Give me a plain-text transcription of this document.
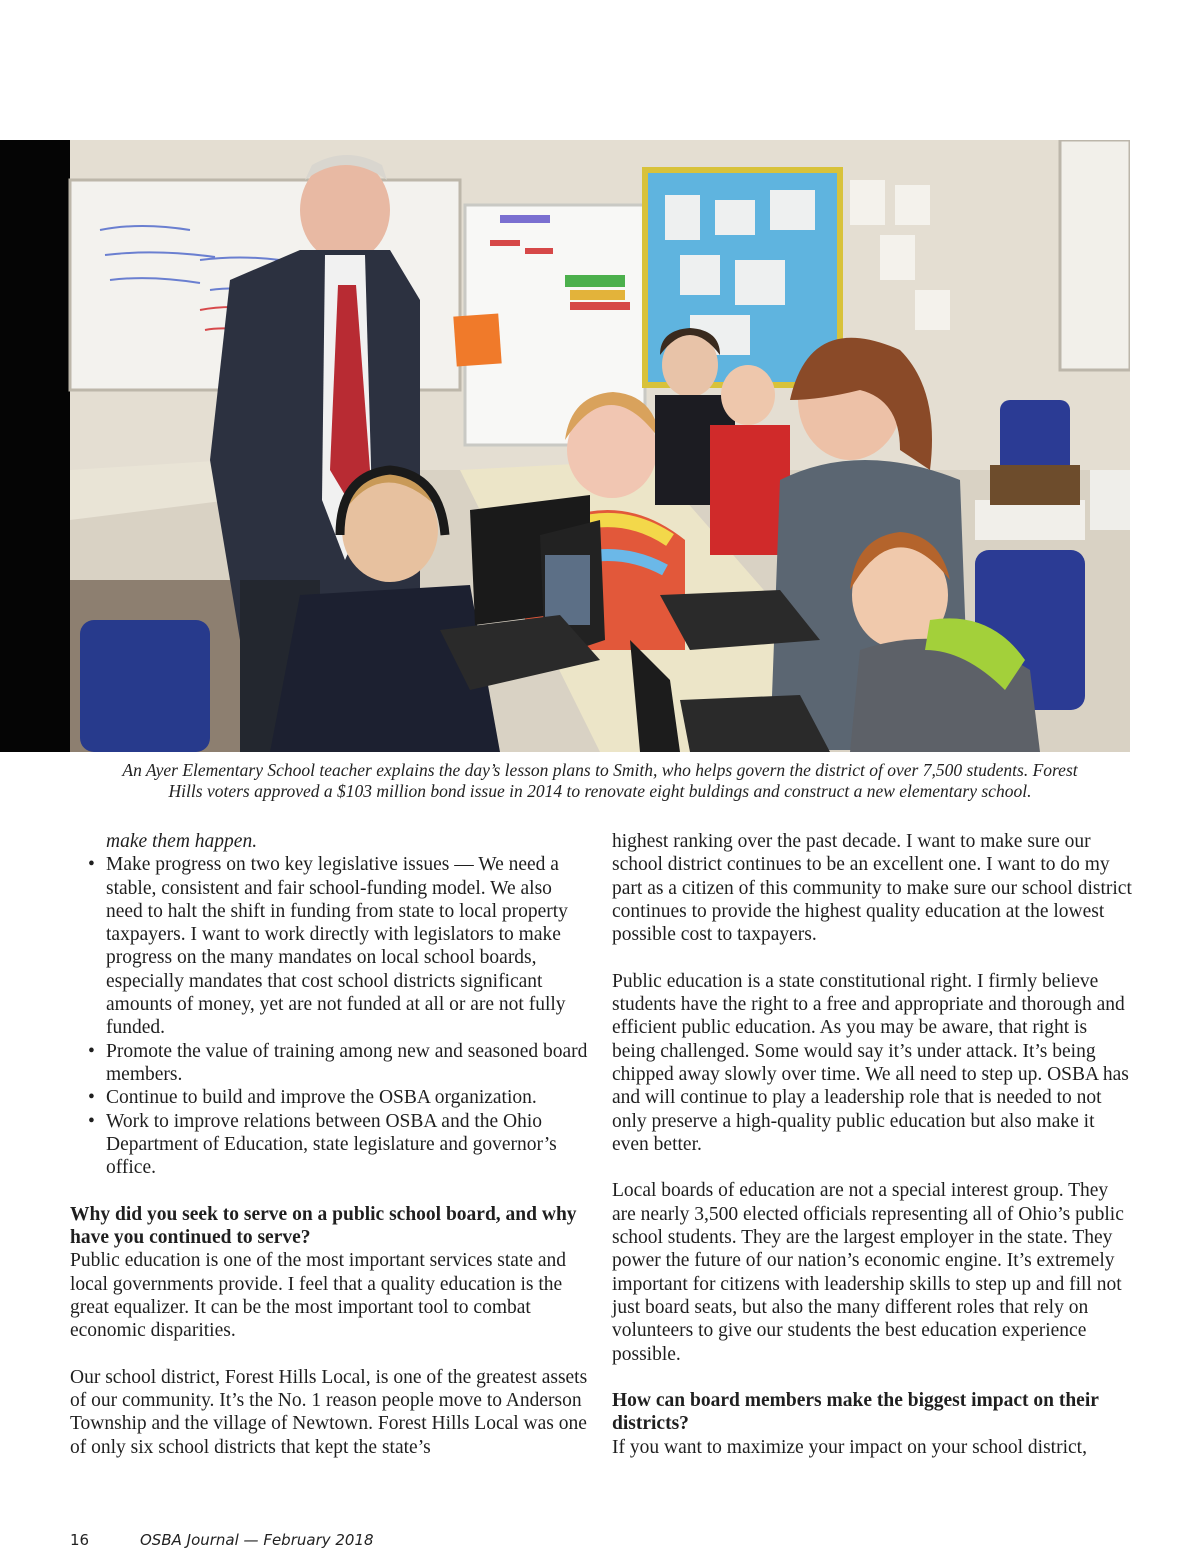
An Ayer Elementary School teacher explains the day’s lesson plans to Smith, who helps govern the district of over 7,500 students. Forest
Hills voters approved a $103 million bond issue in 2014 to renovate eight buldings and construct a new elementary school.

make them happen.

• Make progress on two key legislative issues — We need a stable, consistent and fair school-funding model. We also need to halt the shift in funding from state to local property taxpayers. I want to work directly with legislators to make progress on the many mandates on local school boards, especially mandates that cost school districts significant amounts of money, yet are not funded at all or are not fully funded.
• Promote the value of training among new and seasoned board members.
• Continue to build and improve the OSBA organization.
• Work to improve relations between OSBA and the Ohio Department of Education, state legislature and governor’s office.
Why did you seek to serve on a public school board, and why have you continued to serve?

Public education is one of the most important services state and local governments provide. I feel that a quality education is the great equalizer. It can be the most important tool to combat economic disparities.

Our school district, Forest Hills Local, is one of the greatest assets of our community. It’s the No. 1 reason people move to Anderson Township and the village of Newtown. Forest Hills Local was one of only six school districts that kept the state’s

highest ranking over the past decade. I want to make sure our school district continues to be an excellent one. I want to do my part as a citizen of this community to make sure our school district continues to provide the highest quality education at the lowest possible cost to taxpayers.

Public education is a state constitutional right. I firmly believe students have the right to a free and appropriate and thorough and efficient public education. As you may be aware, that right is being challenged. Some would say it’s under attack. It’s being chipped away slowly over time. We all need to step up. OSBA has and will continue to play a leadership role that is needed to not only preserve a high-quality public education but also make it even better.

Local boards of education are not a special interest group. They are nearly 3,500 elected officials representing all of Ohio’s public school students. They are the largest employer in the state. They power the future of our nation’s economic engine. It’s extremely important for citizens with leadership skills to step up and fill not just board seats, but also the many different roles that rely on volunteers to give our students the best education experience possible.

How can board members make the biggest impact on their districts?

If you want to maximize your impact on your school district,

16	OSBA Journal — February 2018
